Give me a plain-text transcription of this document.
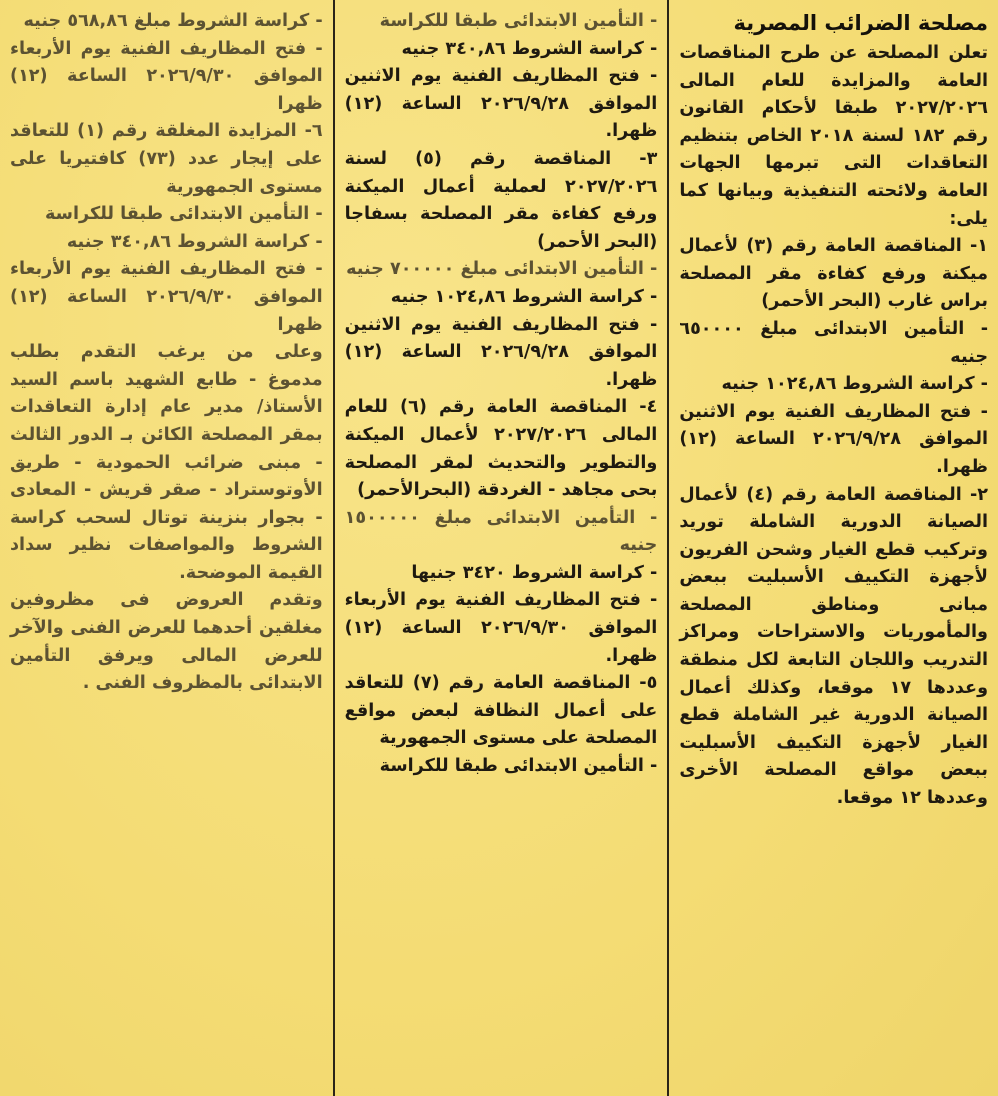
مصلحة الضرائب المصرية

تعلن المصلحة عن طرح المناقصات العامة والمزايدة للعام المالى ٢٠٢٧/٢٠٢٦ طبقا لأحكام القانون رقم ١٨٢ لسنة ٢٠١٨ الخاص بتنظيم التعاقدات التى تبرمها الجهات العامة ولائحته التنفيذية وبيانها كما يلى:

١- المناقصة العامة رقم (٣) لأعمال ميكنة ورفع كفاءة مقر المصلحة براس غارب (البحر الأحمر)

- التأمين الابتدائى مبلغ ٦٥٠٠٠٠ جنيه

- كراسة الشروط ١٠٢٤,٨٦ جنيه

- فتح المظاريف الفنية يوم الاثنين الموافق ٢٠٢٦/٩/٢٨ الساعة (١٢) ظهرا.

٢- المناقصة العامة رقم (٤) لأعمال الصيانة الدورية الشاملة توريد وتركيب قطع الغيار وشحن الفريون لأجهزة التكييف الأسبليت ببعض مبانى ومناطق المصلحة والمأموريات والاستراحات ومراكز التدريب واللجان التابعة لكل منطقة وعددها ١٧ موقعا، وكذلك أعمال الصيانة الدورية غير الشاملة قطع الغيار لأجهزة التكييف الأسبليت ببعض مواقع المصلحة الأخرى وعددها ١٢ موقعا.

- التأمين الابتدائى طبقا للكراسة

- كراسة الشروط ٣٤٠,٨٦ جنيه

- فتح المظاريف الفنية يوم الاثنين الموافق ٢٠٢٦/٩/٢٨ الساعة (١٢) ظهرا.

٣- المناقصة رقم (٥) لسنة ٢٠٢٧/٢٠٢٦ لعملية أعمال الميكنة ورفع كفاءة مقر المصلحة بسفاجا (البحر الأحمر)

- التأمين الابتدائى مبلغ ٧٠٠٠٠٠ جنيه

- كراسة الشروط ١٠٢٤,٨٦ جنيه

- فتح المظاريف الفنية يوم الاثنين الموافق ٢٠٢٦/٩/٢٨ الساعة (١٢) ظهرا.

٤- المناقصة العامة رقم (٦) للعام المالى ٢٠٢٧/٢٠٢٦ لأعمال الميكنة والتطوير والتحديث لمقر المصلحة بحى مجاهد - الغردقة (البحرالأحمر)

- التأمين الابتدائى مبلغ ١٥٠٠٠٠٠ جنيه

- كراسة الشروط ٣٤٢٠ جنيها

- فتح المظاريف الفنية يوم الأربعاء الموافق ٢٠٢٦/٩/٣٠ الساعة (١٢) ظهرا.

٥- المناقصة العامة رقم (٧) للتعاقد على أعمال النظافة لبعض مواقع المصلحة على مستوى الجمهورية

- التأمين الابتدائى طبقا للكراسة

- كراسة الشروط مبلغ ٥٦٨,٨٦ جنيه

- فتح المظاريف الفنية يوم الأربعاء الموافق ٢٠٢٦/٩/٣٠ الساعة (١٢) ظهرا

٦- المزايدة المغلقة رقم (١) للتعاقد على إيجار عدد (٧٣) كافتيريا على مستوى الجمهورية

- التأمين الابتدائى طبقا للكراسة

- كراسة الشروط ٣٤٠,٨٦ جنيه

- فتح المظاريف الفنية يوم الأربعاء الموافق ٢٠٢٦/٩/٣٠ الساعة (١٢) ظهرا

وعلى من يرغب التقدم بطلب مدموغ - طابع الشهيد باسم السيد الأستاذ/ مدير عام إدارة التعاقدات بمقر المصلحة الكائن بـ الدور الثالث - مبنى ضرائب الحمودية - طريق الأوتوستراد - صقر قريش - المعادى - بجوار بنزينة توتال لسحب كراسة الشروط والمواصفات نظير سداد القيمة الموضحة.

وتقدم العروض فى مظروفين مغلقين أحدهما للعرض الفنى والآخر للعرض المالى ويرفق التأمين الابتدائى بالمظروف الفنى .
